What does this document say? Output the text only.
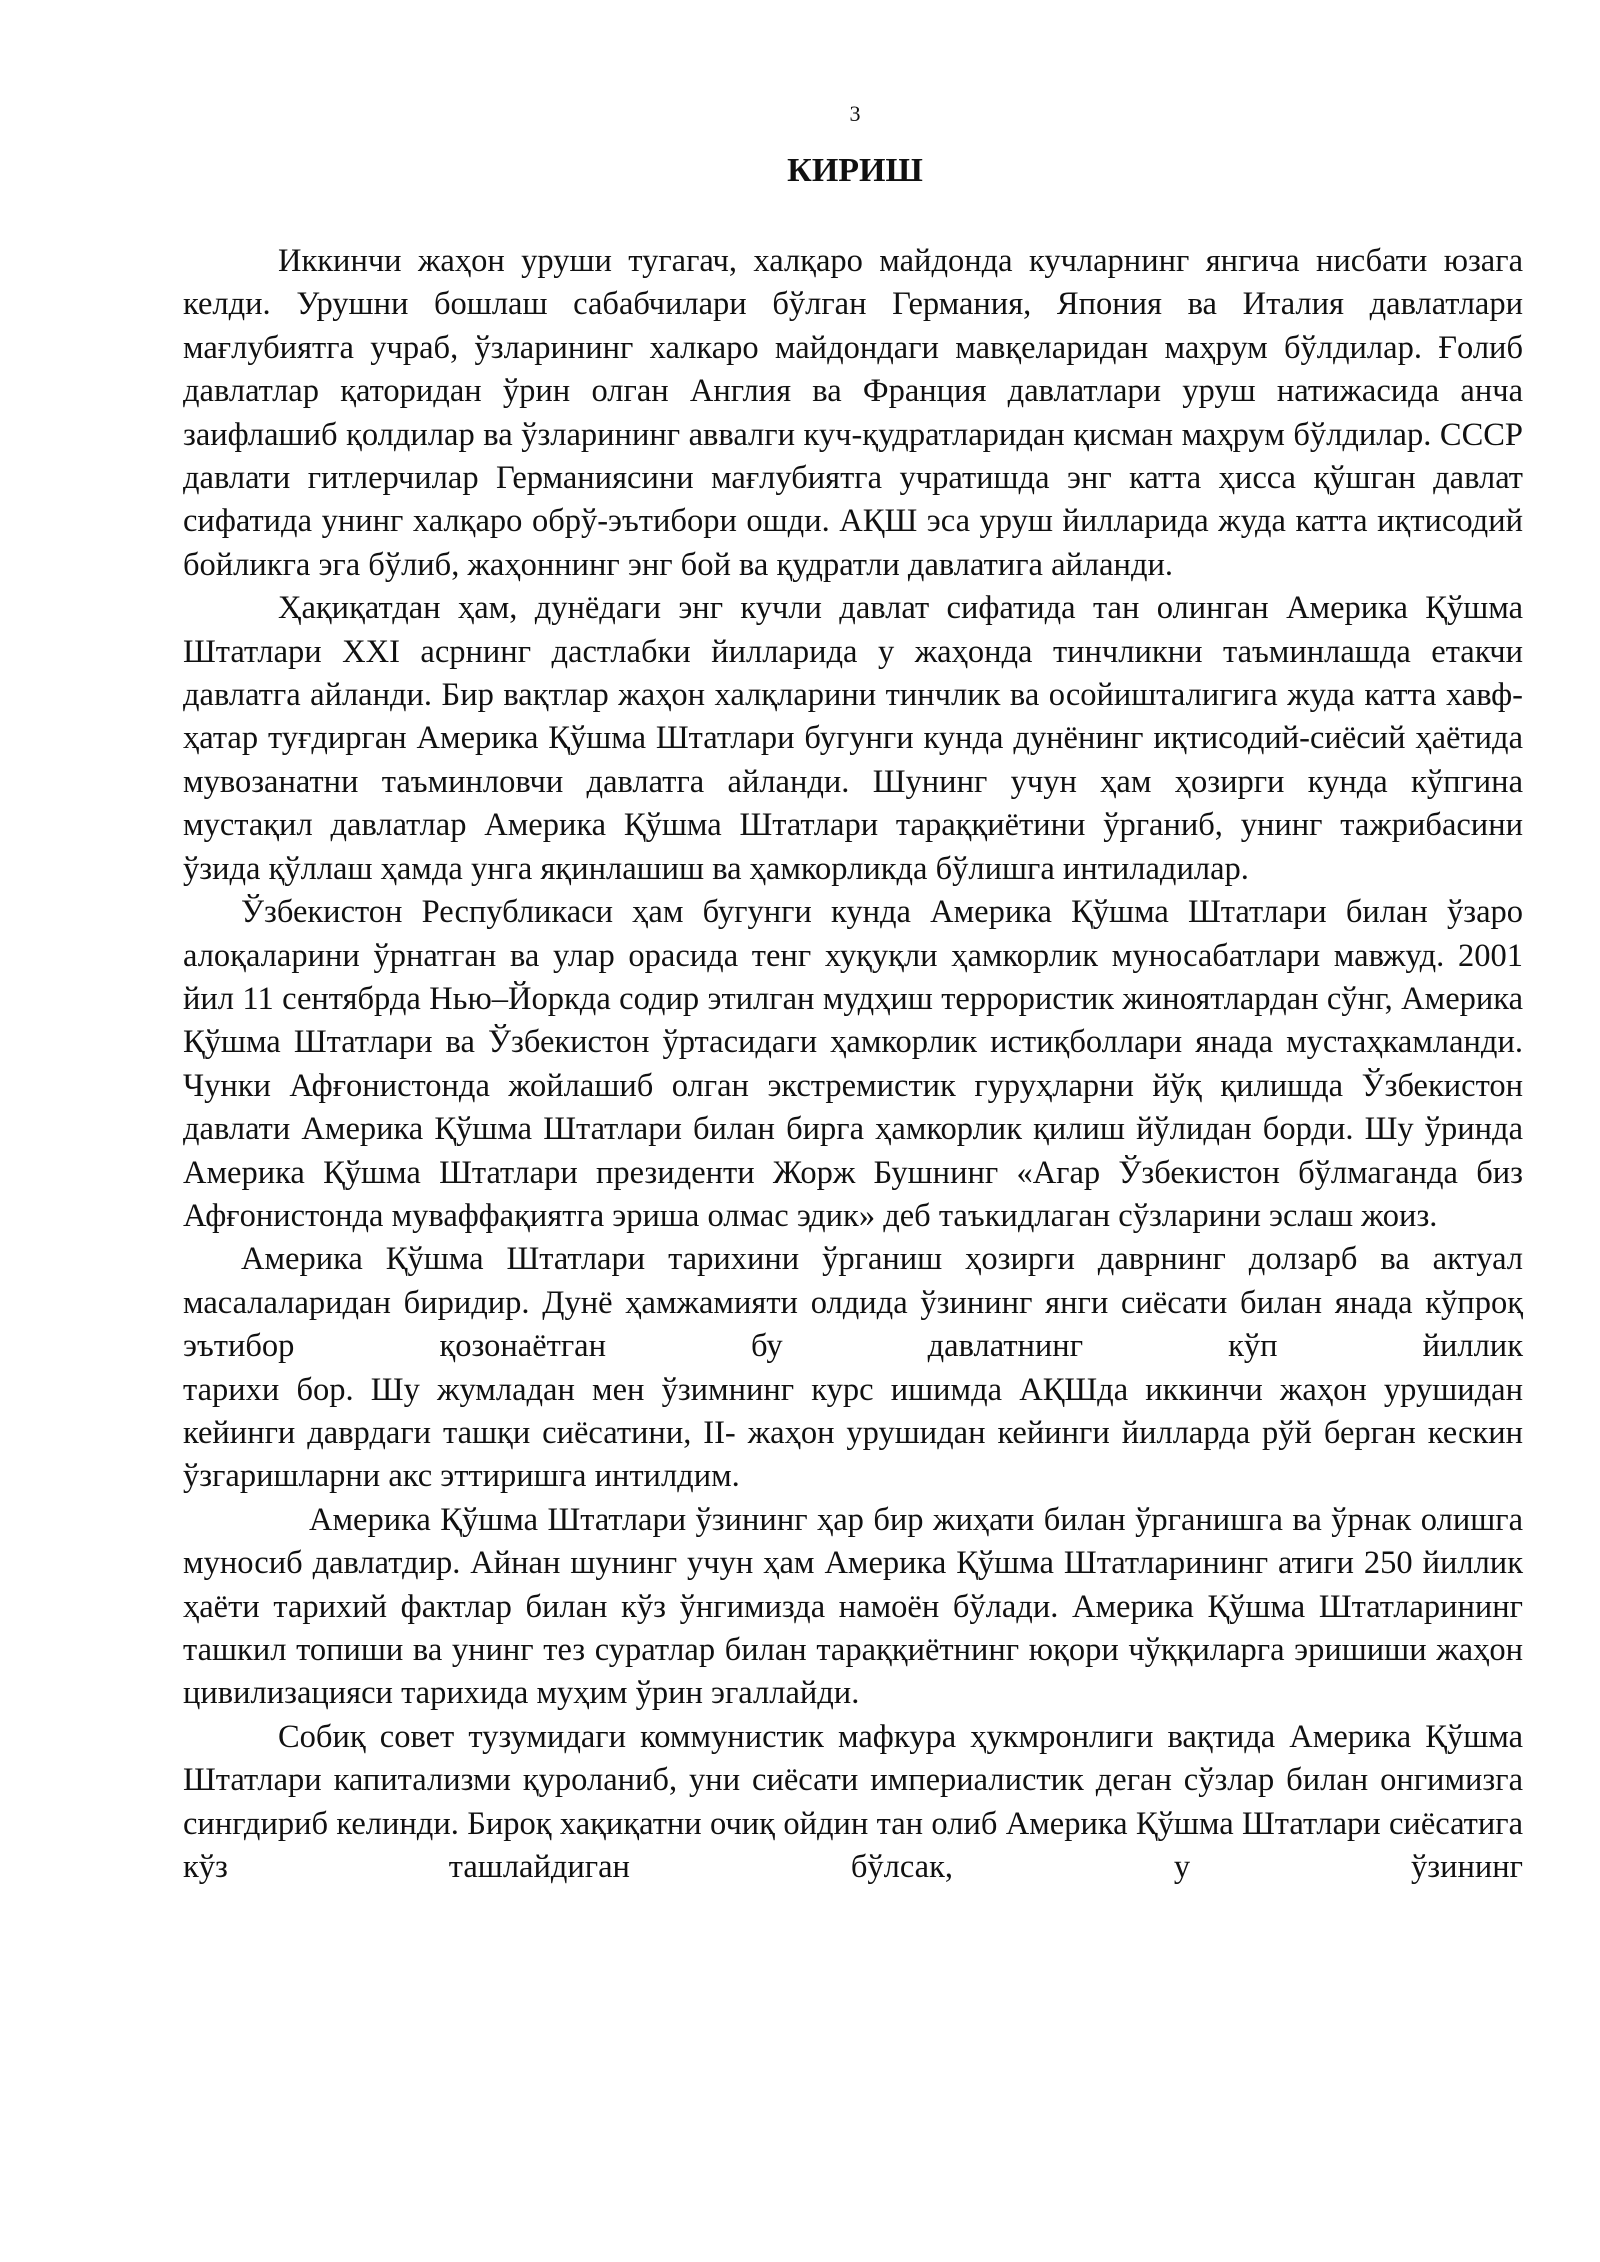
3
КИРИШ

Иккинчи жаҳон уруши тугагач, халқаро майдонда кучларнинг янгича нисбати юзага келди. Урушни бошлаш сабабчилари бўлган Германия, Япония ва Италия давлатлари мағлубиятга учраб, ўзларининг халкаро майдондаги мавқеларидан маҳрум бўлдилар. Ғолиб давлатлар қаторидан ўрин олган Англия ва Франция давлатлари уруш натижасида анча заифлашиб қолдилар ва ўзларининг аввалги куч-қудратларидан қисман маҳрум бўлдилар. СССР давлати гитлерчилар Германиясини мағлубиятга учратишда энг катта ҳисса қўшган давлат сифатида унинг халқаро обрў-эътибори ошди. АҚШ эса уруш йилларида жуда катта иқтисодий бойликга эга бўлиб, жаҳоннинг энг бой ва қудратли давлатига айланди.

Ҳақиқатдан ҳам, дунёдаги энг кучли давлат сифатида тан олинган Америка Қўшма Штатлари XXI асрнинг дастлабки йилларида у жаҳонда тинчликни таъминлашда етакчи давлатга айланди. Бир вақтлар жаҳон халқларини тинчлик ва осойишталигига жуда катта хавф-ҳатар туғдирган Америка Қўшма Штатлари бугунги кунда дунёнинг иқтисодий-сиёсий ҳаётида мувозанатни таъминловчи давлатга айланди. Шунинг учун ҳам ҳозирги кунда кўпгина мустақил давлатлар Америка Қўшма Штатлари тараққиётини ўрганиб, унинг тажрибасини ўзида қўллаш ҳамда унга яқинлашиш ва ҳамкорликда бўлишга интиладилар.

Ўзбекистон Республикаси ҳам бугунги кунда Америка Қўшма Штатлари билан ўзаро алоқаларини ўрнатган ва улар орасида тенг хуқуқли ҳамкорлик муносабатлари мавжуд. 2001 йил 11 сентябрда Нью–Йоркда содир этилган мудҳиш террористик жиноятлардан сўнг, Америка Қўшма Штатлари ва Ўзбекистон ўртасидаги ҳамкорлик истиқболлари янада мустаҳкамланди. Чунки Афғонистонда жойлашиб олган экстремистик гуруҳларни йўқ қилишда Ўзбекистон давлати Америка Қўшма Штатлари билан бирга ҳамкорлик қилиш йўлидан борди. Шу ўринда Америка Қўшма Штатлари президенти Жорж Бушнинг «Агар Ўзбекистон бўлмаганда биз Афғонистонда муваффақиятга эриша олмас эдик» деб таъкидлаган сўзларини эслаш жоиз.

Америка Қўшма Штатлари тарихини ўрганиш ҳозирги даврнинг долзарб ва актуал масалаларидан биридир. Дунё ҳамжамияти олдида ўзининг янги сиёсати билан янада кўпроқ эътибор қозонаётган бу давлатнинг кўп йиллик

тарихи бор. Шу жумладан мен ўзимнинг курс ишимда АҚШда иккинчи жаҳон урушидан кейинги даврдаги ташқи сиёсатини, II- жаҳон урушидан кейинги йилларда рўй берган кескин ўзгаришларни акс эттиришга интилдим.

Америка Қўшма Штатлари ўзининг ҳар бир жиҳати билан ўрганишга ва ўрнак олишга муносиб давлатдир. Айнан шунинг учун ҳам Америка Қўшма Штатларининг атиги 250 йиллик ҳаёти тарихий фактлар билан кўз ўнгимизда намоён бўлади. Америка Қўшма Штатларининг ташкил топиши ва унинг тез суратлар билан тараққиётнинг юқори чўққиларга эришиши жаҳон цивилизацияси тарихида муҳим ўрин эгаллайди.

Собиқ совет тузумидаги коммунистик мафкура ҳукмронлиги вақтида Америка Қўшма Штатлари капитализми қуроланиб, уни сиёсати империалистик деган сўзлар билан онгимизга сингдириб келинди. Бироқ хақиқатни очиқ ойдин тан олиб Америка Қўшма Штатлари сиёсатига кўз ташлайдиган бўлсак, у ўзининг
